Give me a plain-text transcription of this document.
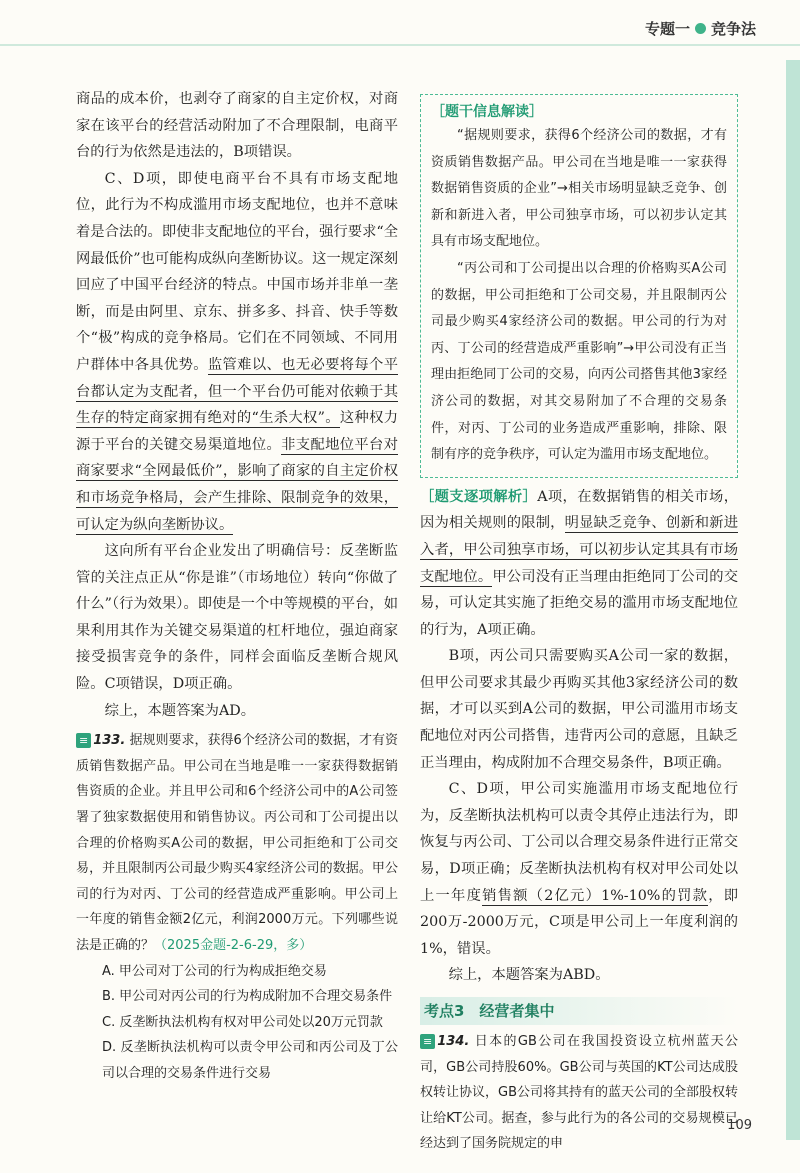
专题一 竞争法

商品的成本价，也剥夺了商家的自主定价权，对商家在该平台的经营活动附加了不合理限制，电商平台的行为依然是违法的，B项错误。

C、D项，即使电商平台不具有市场支配地位，此行为不构成滥用市场支配地位，也并不意味着是合法的。即使非支配地位的平台，强行要求“全网最低价”也可能构成纵向垄断协议。这一规定深刻回应了中国平台经济的特点。中国市场并非单一垄断，而是由阿里、京东、拼多多、抖音、快手等数个“极”构成的竞争格局。它们在不同领域、不同用户群体中各具优势。监管难以、也无必要将每个平台都认定为支配者，但一个平台仍可能对依赖于其生存的特定商家拥有绝对的“生杀大权”。这种权力源于平台的关键交易渠道地位。非支配地位平台对商家要求“全网最低价”，影响了商家的自主定价权和市场竞争格局，会产生排除、限制竞争的效果，可认定为纵向垄断协议。

这向所有平台企业发出了明确信号：反垄断监管的关注点正从“你是谁”（市场地位）转向“你做了什么”（行为效果）。即使是一个中等规模的平台，如果利用其作为关键交易渠道的杠杆地位，强迫商家接受损害竞争的条件，同样会面临反垄断合规风险。C项错误，D项正确。

综上，本题答案为AD。

≡ 133. 据规则要求，获得6个经济公司的数据，才有资质销售数据产品。甲公司在当地是唯一一家获得数据销售资质的企业。并且甲公司和6个经济公司中的A公司签署了独家数据使用和销售协议。丙公司和丁公司提出以合理的价格购买A公司的数据，甲公司拒绝和丁公司交易，并且限制丙公司最少购买4家经济公司的数据。甲公司的行为对丙、丁公司的经营造成严重影响。甲公司上一年度的销售金额2亿元，利润2000万元。下列哪些说法是正确的？（2025金题-2-6-29，多）

A. 甲公司对丁公司的行为构成拒绝交易

B. 甲公司对丙公司的行为构成附加不合理交易条件

C. 反垄断执法机构有权对甲公司处以20万元罚款

D. 反垄断执法机构可以责令甲公司和丙公司及丁公司以合理的交易条件进行交易

［题干信息解读］

“据规则要求，获得6个经济公司的数据，才有资质销售数据产品。甲公司在当地是唯一一家获得数据销售资质的企业”→相关市场明显缺乏竞争、创新和新进入者，甲公司独享市场，可以初步认定其具有市场支配地位。

“丙公司和丁公司提出以合理的价格购买A公司的数据，甲公司拒绝和丁公司交易，并且限制丙公司最少购买4家经济公司的数据。甲公司的行为对丙、丁公司的经营造成严重影响”→甲公司没有正当理由拒绝同丁公司的交易，向丙公司搭售其他3家经济公司的数据，对其交易附加了不合理的交易条件，对丙、丁公司的业务造成严重影响，排除、限制有序的竞争秩序，可认定为滥用市场支配地位。

［题支逐项解析］A项，在数据销售的相关市场，因为相关规则的限制，明显缺乏竞争、创新和新进入者，甲公司独享市场，可以初步认定其具有市场支配地位。甲公司没有正当理由拒绝同丁公司的交易，可认定其实施了拒绝交易的滥用市场支配地位的行为，A项正确。

B项，丙公司只需要购买A公司一家的数据，但甲公司要求其最少再购买其他3家经济公司的数据，才可以买到A公司的数据，甲公司滥用市场支配地位对丙公司搭售，违背丙公司的意愿，且缺乏正当理由，构成附加不合理交易条件，B项正确。

C、D项，甲公司实施滥用市场支配地位行为，反垄断执法机构可以责令其停止违法行为，即恢复与丙公司、丁公司以合理交易条件进行正常交易，D项正确；反垄断执法机构有权对甲公司处以上一年度销售额（2亿元）1%-10%的罚款，即200万-2000万元，C项是甲公司上一年度利润的1%，错误。

综上，本题答案为ABD。

考点3　经营者集中

≡ 134. 日本的GB公司在我国投资设立杭州蓝天公司，GB公司持股60%。GB公司与英国的KT公司达成股权转让协议，GB公司将其持有的蓝天公司的全部股权转让给KT公司。据查，参与此行为的各公司的交易规模已经达到了国务院规定的申

109
